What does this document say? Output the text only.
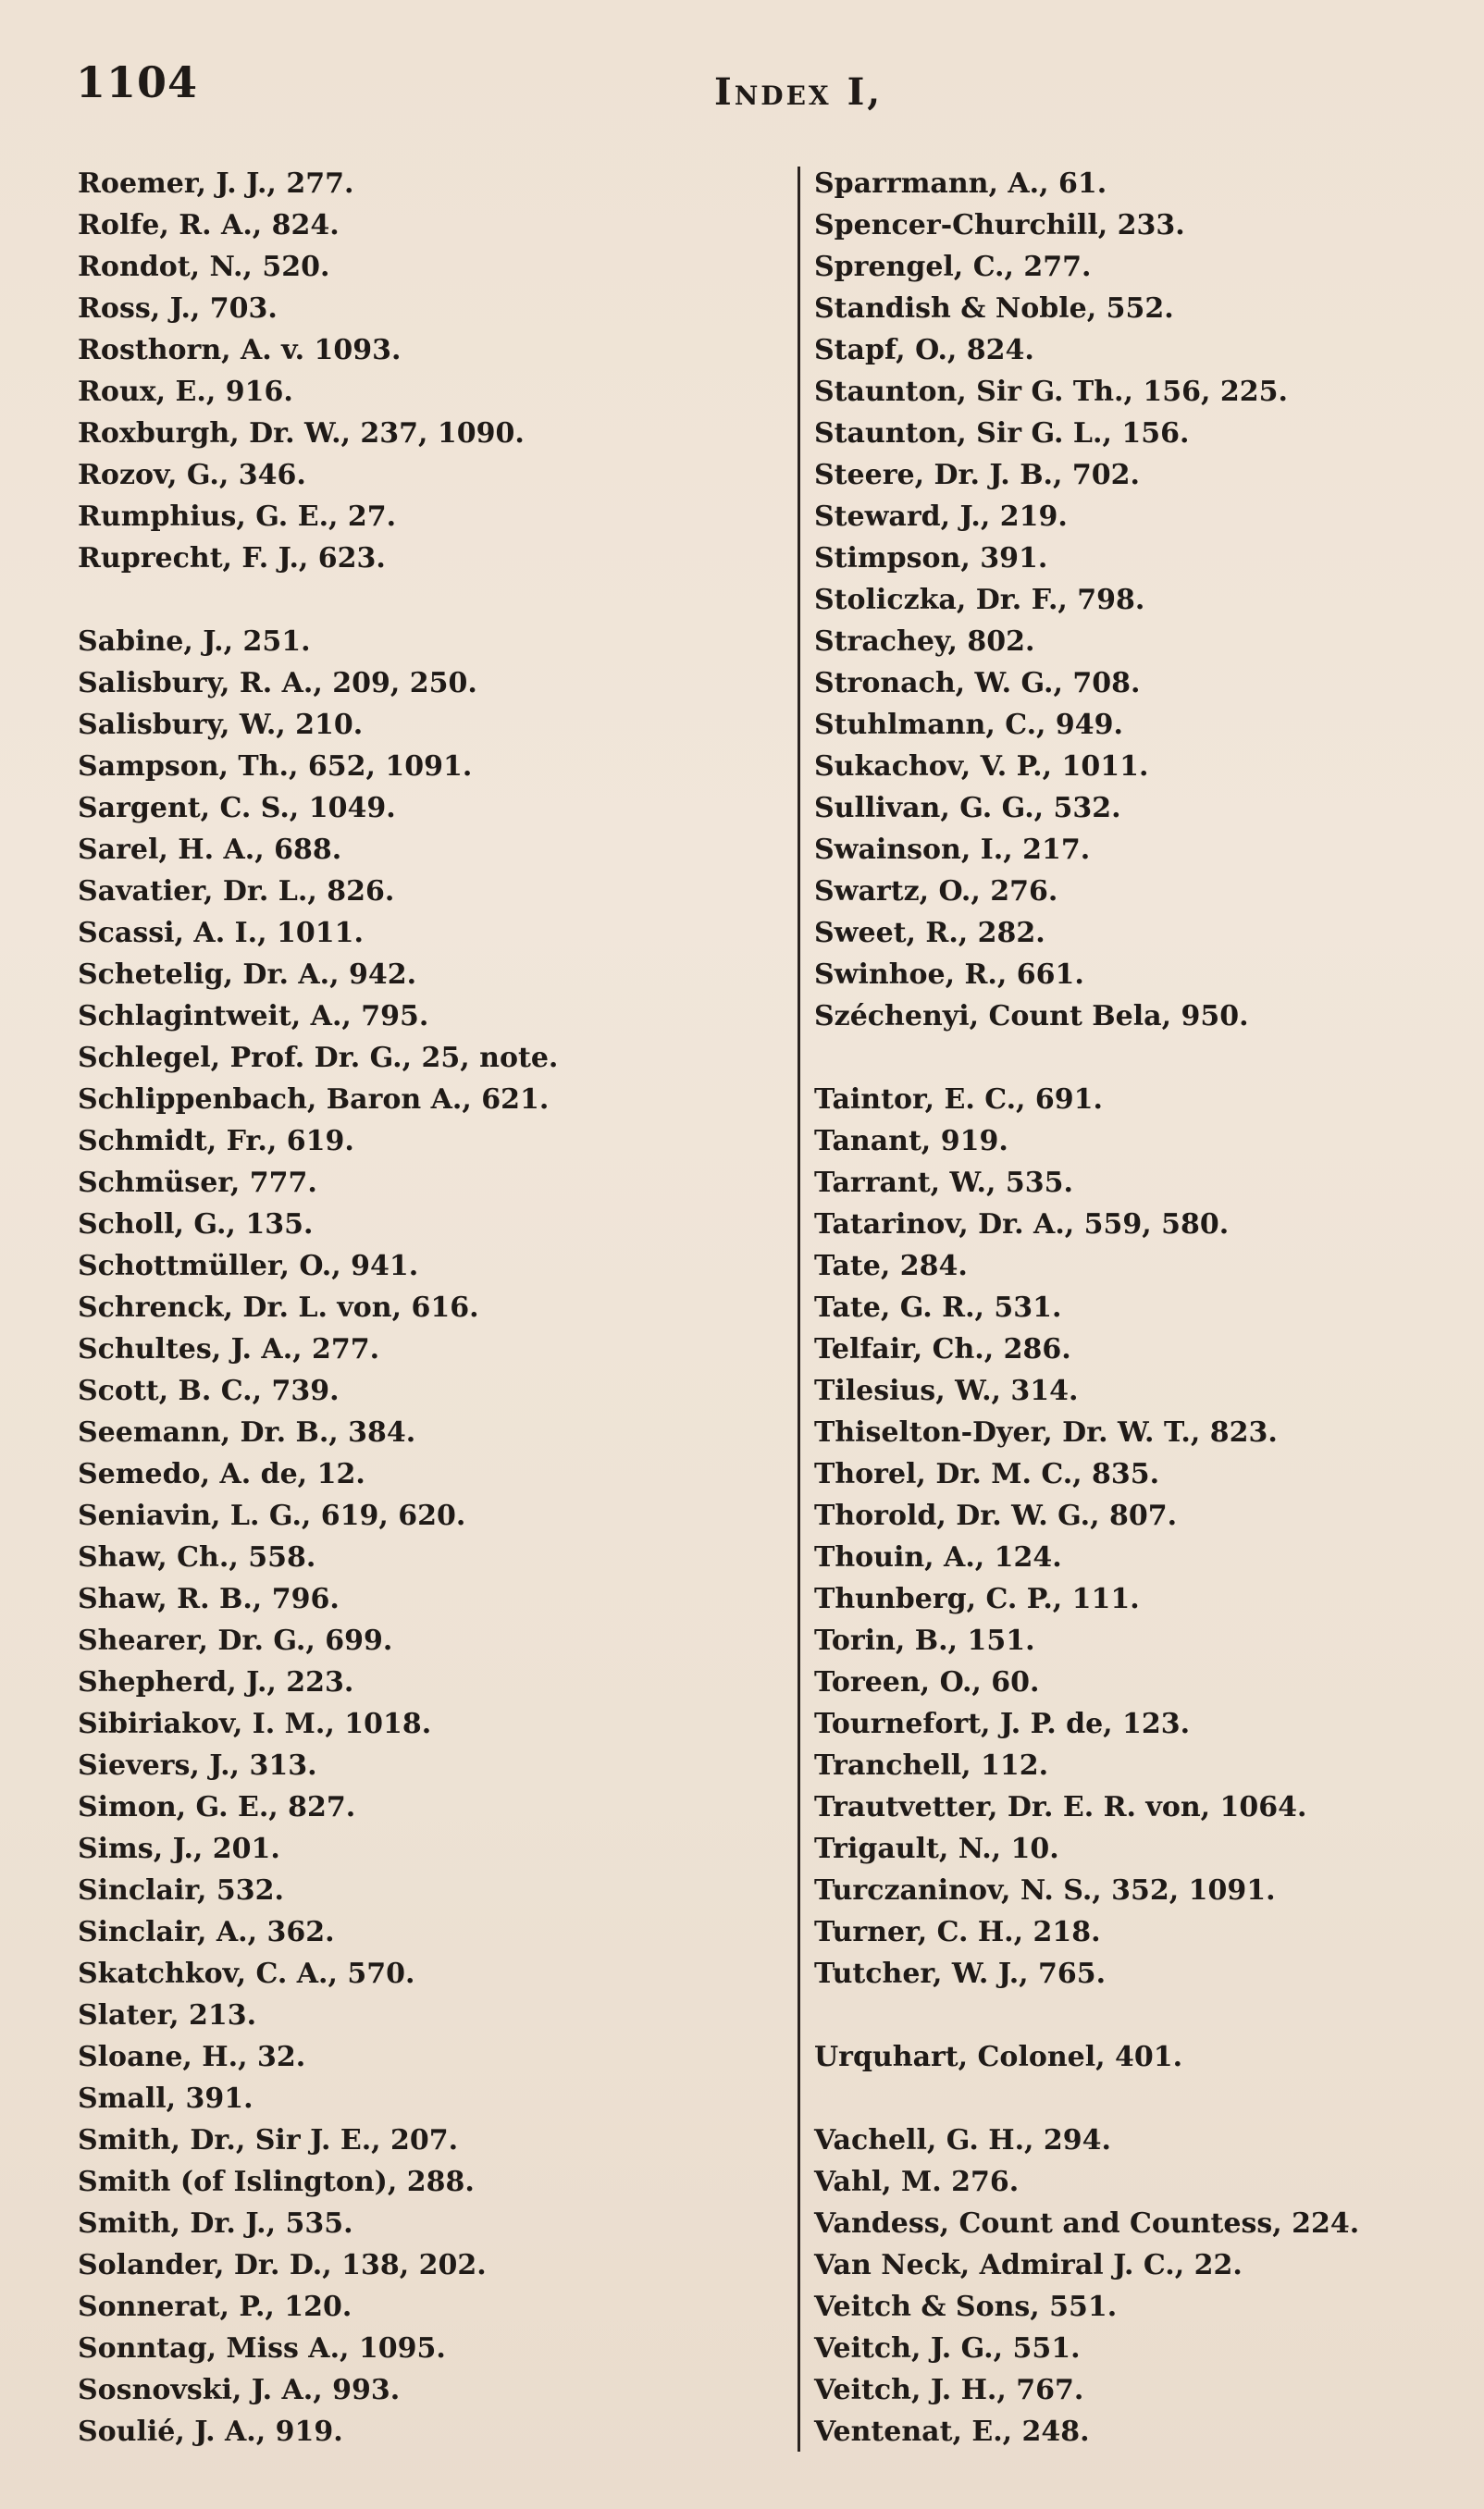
1104	Index I,
Roemer, J. J., 277.
Rolfe, R. A., 824.
Rondot, N., 520.
Ross, J., 703.
Rosthorn, A. v. 1093.
Roux, E., 916.
Roxburgh, Dr. W., 237, 1090.
Rozov, G., 346.
Rumphius, G. E., 27.
Ruprecht, F. J., 623.
Sabine, J., 251.
Salisbury, R. A., 209, 250.
Salisbury, W., 210.
Sampson, Th., 652, 1091.
Sargent, C. S., 1049.
Sarel, H. A., 688.
Savatier, Dr. L., 826.
Scassi, A. I., 1011.
Schetelig, Dr. A., 942.
Schlagintweit, A., 795.
Schlegel, Prof. Dr. G., 25, note.
Schlippenbach, Baron A., 621.
Schmidt, Fr., 619.
Schmüser, 777.
Scholl, G., 135.
Schottmüller, O., 941.
Schrenck, Dr. L. von, 616.
Schultes, J. A., 277.
Scott, B. C., 739.
Seemann, Dr. B., 384.
Semedo, A. de, 12.
Seniavin, L. G., 619, 620.
Shaw, Ch., 558.
Shaw, R. B., 796.
Shearer, Dr. G., 699.
Shepherd, J., 223.
Sibiriakov, I. M., 1018.
Sievers, J., 313.
Simon, G. E., 827.
Sims, J., 201.
Sinclair, 532.
Sinclair, A., 362.
Skatchkov, C. A., 570.
Slater, 213.
Sloane, H., 32.
Small, 391.
Smith, Dr., Sir J. E., 207.
Smith (of Islington), 288.
Smith, Dr. J., 535.
Solander, Dr. D., 138, 202.
Sonnerat, P., 120.
Sonntag, Miss A., 1095.
Sosnovski, J. A., 993.
Soulié, J. A., 919.
Sparrmann, A., 61.
Spencer-Churchill, 233.
Sprengel, C., 277.
Standish & Noble, 552.
Stapf, O., 824.
Staunton, Sir G. Th., 156, 225.
Staunton, Sir G. L., 156.
Steere, Dr. J. B., 702.
Steward, J., 219.
Stimpson, 391.
Stoliczka, Dr. F., 798.
Strachey, 802.
Stronach, W. G., 708.
Stuhlmann, C., 949.
Sukachov, V. P., 1011.
Sullivan, G. G., 532.
Swainson, I., 217.
Swartz, O., 276.
Sweet, R., 282.
Swinhoe, R., 661.
Széchenyi, Count Bela, 950.
Taintor, E. C., 691.
Tanant, 919.
Tarrant, W., 535.
Tatarinov, Dr. A., 559, 580.
Tate, 284.
Tate, G. R., 531.
Telfair, Ch., 286.
Tilesius, W., 314.
Thiselton-Dyer, Dr. W. T., 823.
Thorel, Dr. M. C., 835.
Thorold, Dr. W. G., 807.
Thouin, A., 124.
Thunberg, C. P., 111.
Torin, B., 151.
Toreen, O., 60.
Tournefort, J. P. de, 123.
Tranchell, 112.
Trautvetter, Dr. E. R. von, 1064.
Trigault, N., 10.
Turczaninov, N. S., 352, 1091.
Turner, C. H., 218.
Tutcher, W. J., 765.
Urquhart, Colonel, 401.
Vachell, G. H., 294.
Vahl, M. 276.
Vandess, Count and Countess, 224.
Van Neck, Admiral J. C., 22.
Veitch & Sons, 551.
Veitch, J. G., 551.
Veitch, J. H., 767.
Ventenat, E., 248.
